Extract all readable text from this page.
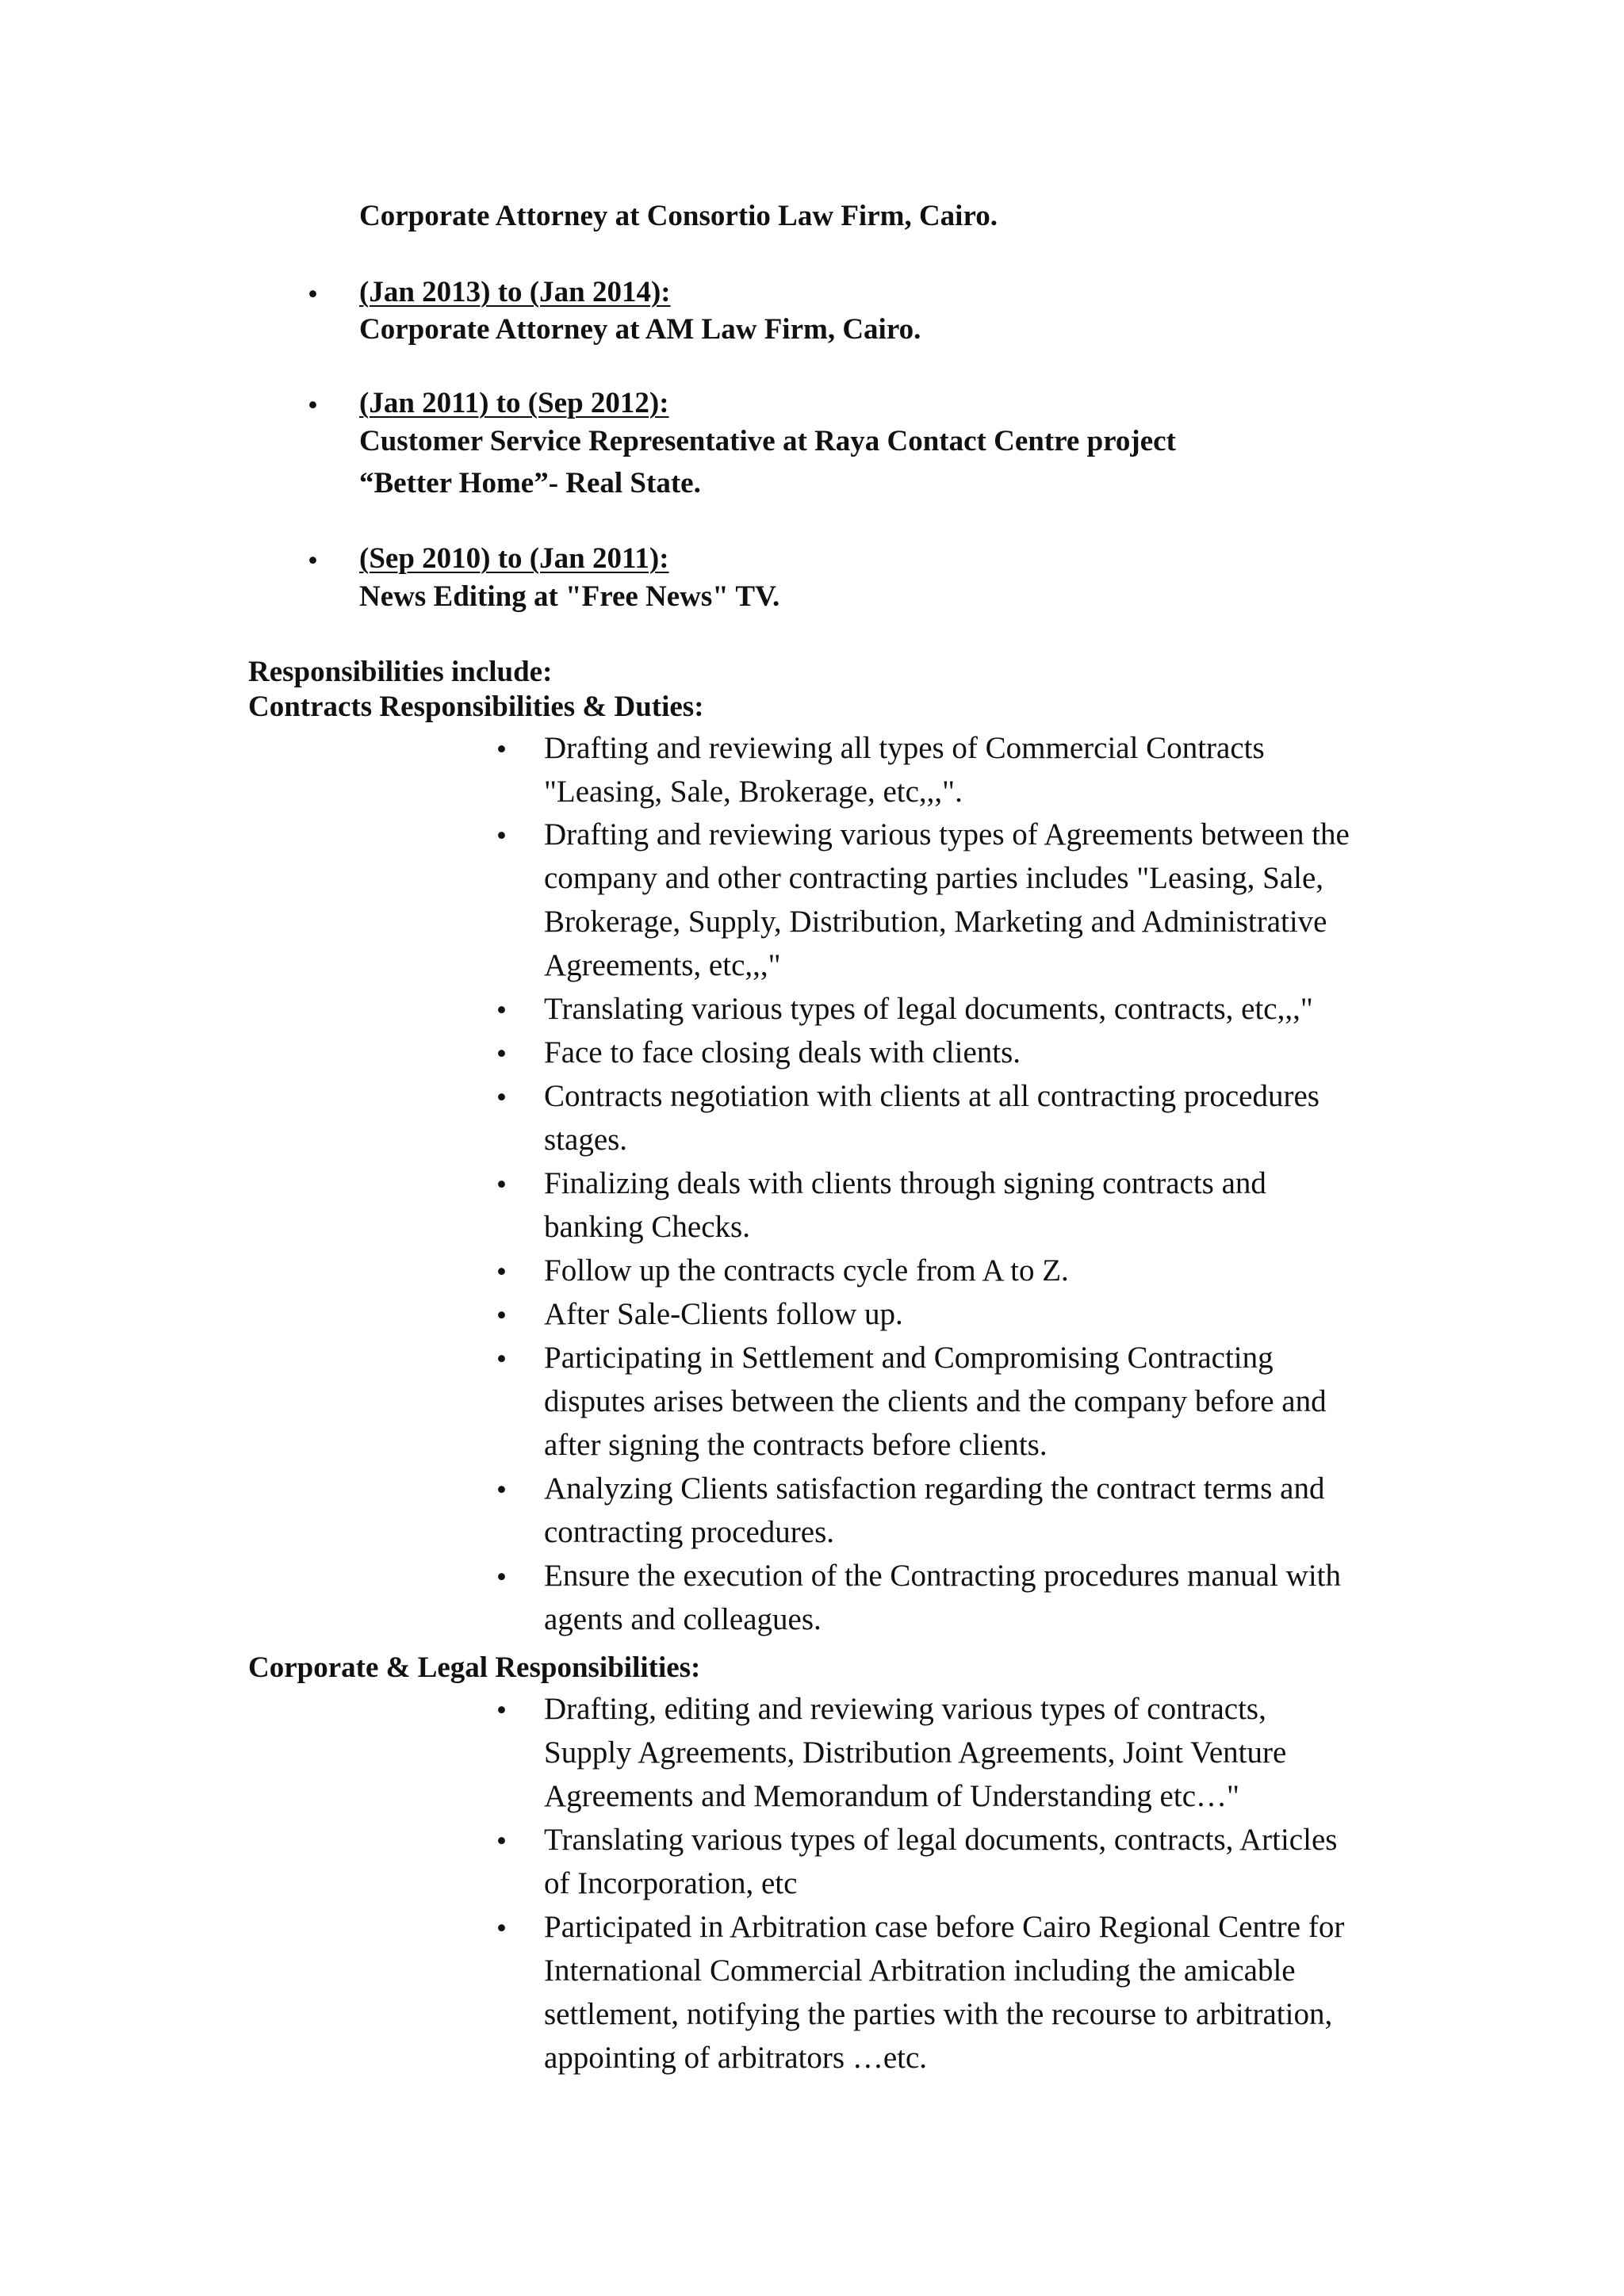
Corporate Attorney at Consortio Law Firm, Cairo.
• (Jan 2013) to (Jan 2014):
Corporate Attorney at AM Law Firm, Cairo.
• (Jan 2011) to (Sep 2012):
Customer Service Representative at Raya Contact Centre project
“Better Home”- Real State.
• (Sep 2010) to (Jan 2011):
News Editing at "Free News" TV.
Responsibilities include:
Contracts Responsibilities & Duties:
• Drafting and reviewing all types of Commercial Contracts
"Leasing, Sale, Brokerage, etc,,,".
• Drafting and reviewing various types of Agreements between the
company and other contracting parties includes "Leasing, Sale,
Brokerage, Supply, Distribution, Marketing and Administrative
Agreements, etc,,,"
• Translating various types of legal documents, contracts, etc,,,"
• Face to face closing deals with clients.
• Contracts negotiation with clients at all contracting procedures
stages.
• Finalizing deals with clients through signing contracts and
banking Checks.
• Follow up the contracts cycle from A to Z.
• After Sale-Clients follow up.
• Participating in Settlement and Compromising Contracting
disputes arises between the clients and the company before and
after signing the contracts before clients.
• Analyzing Clients satisfaction regarding the contract terms and
contracting procedures.
• Ensure the execution of the Contracting procedures manual with
agents and colleagues.
Corporate & Legal Responsibilities:
• Drafting, editing and reviewing various types of contracts,
Supply Agreements, Distribution Agreements, Joint Venture
Agreements and Memorandum of Understanding etc…"
• Translating various types of legal documents, contracts, Articles
of Incorporation, etc
• Participated in Arbitration case before Cairo Regional Centre for
International Commercial Arbitration including the amicable
settlement, notifying the parties with the recourse to arbitration,
appointing of arbitrators …etc.
